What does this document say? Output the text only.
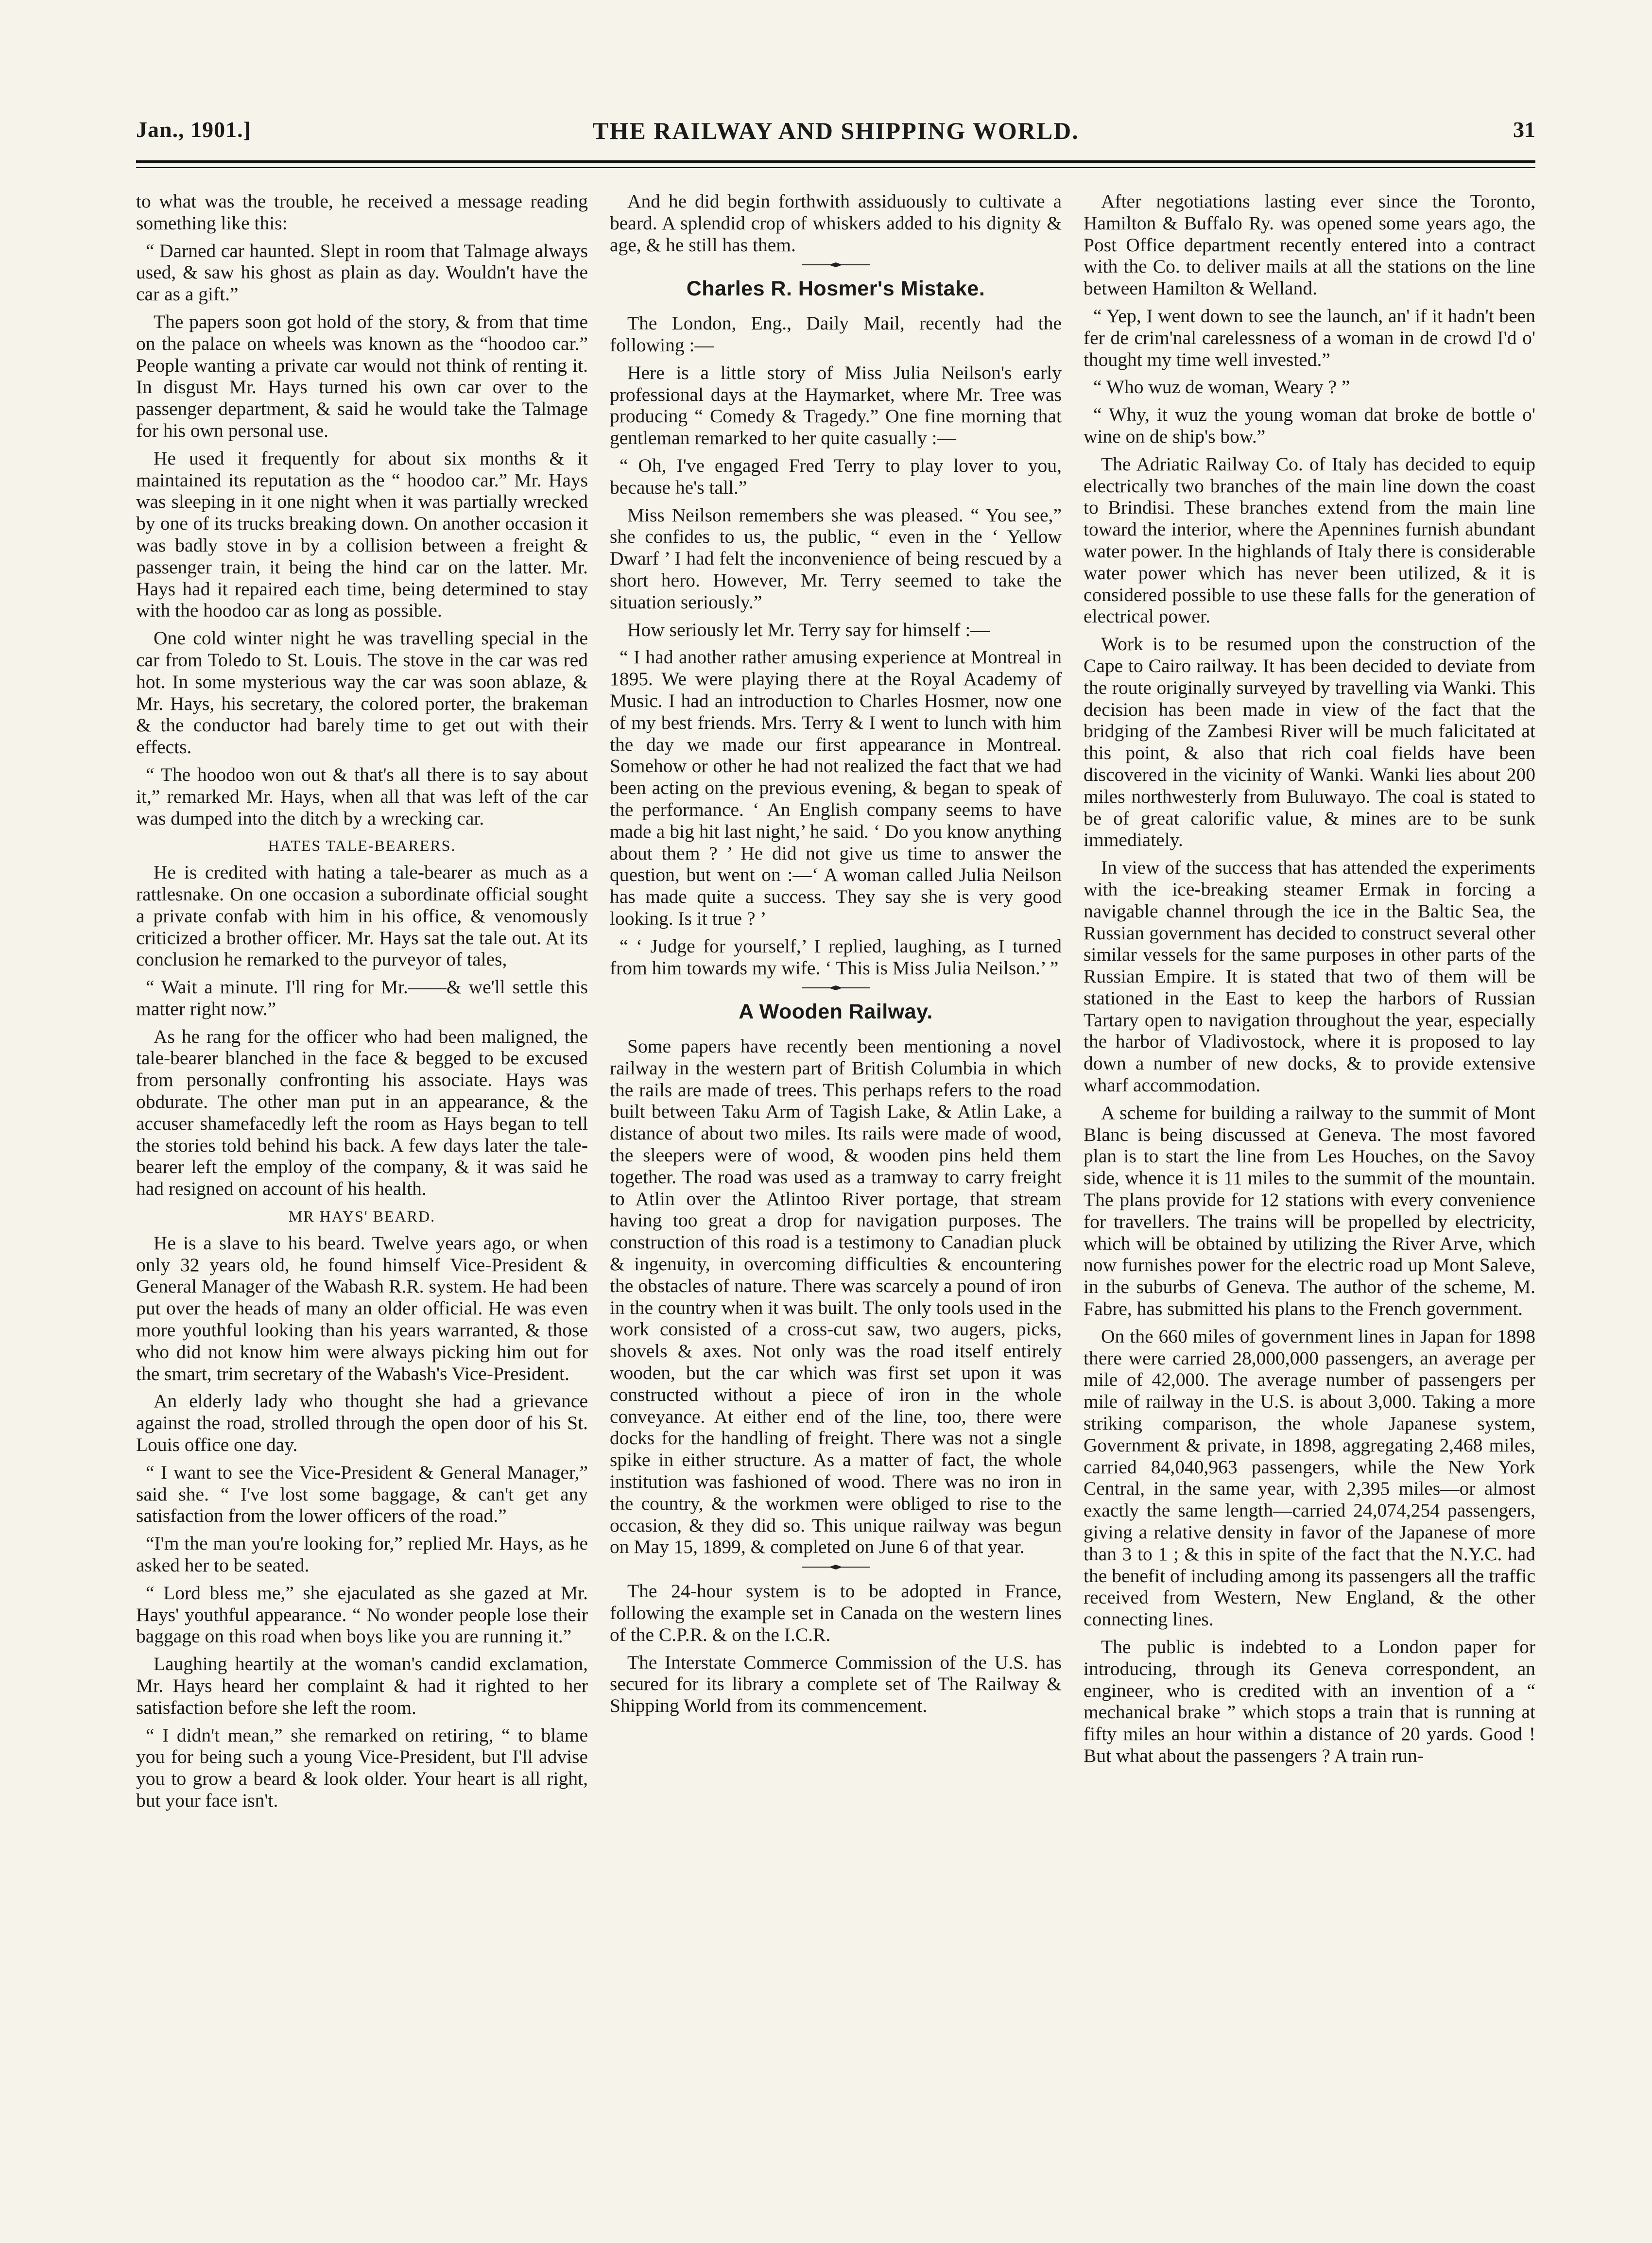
Jan., 1901.]	THE RAILWAY AND SHIPPING WORLD.	31

to what was the trouble, he received a message reading something like this:

“ Darned car haunted. Slept in room that Talmage always used, & saw his ghost as plain as day. Wouldn't have the car as a gift.”

The papers soon got hold of the story, & from that time on the palace on wheels was known as the “hoodoo car.” People wanting a private car would not think of renting it. In disgust Mr. Hays turned his own car over to the passenger department, & said he would take the Talmage for his own personal use.

He used it frequently for about six months & it maintained its reputation as the “ hoodoo car.” Mr. Hays was sleeping in it one night when it was partially wrecked by one of its trucks breaking down. On another occasion it was badly stove in by a collision between a freight & passenger train, it being the hind car on the latter. Mr. Hays had it repaired each time, being determined to stay with the hoodoo car as long as possible.

One cold winter night he was travelling special in the car from Toledo to St. Louis. The stove in the car was red hot. In some mysterious way the car was soon ablaze, & Mr. Hays, his secretary, the colored porter, the brakeman & the conductor had barely time to get out with their effects.

“ The hoodoo won out & that's all there is to say about it,” remarked Mr. Hays, when all that was left of the car was dumped into the ditch by a wrecking car.

HATES TALE-BEARERS.

He is credited with hating a tale-bearer as much as a rattlesnake. On one occasion a subordinate official sought a private confab with him in his office, & venomously criticized a brother officer. Mr. Hays sat the tale out. At its conclusion he remarked to the purveyor of tales,

“ Wait a minute. I'll ring for Mr.——& we'll settle this matter right now.”

As he rang for the officer who had been maligned, the tale-bearer blanched in the face & begged to be excused from personally confronting his associate. Hays was obdurate. The other man put in an appearance, & the accuser shamefacedly left the room as Hays began to tell the stories told behind his back. A few days later the tale-bearer left the employ of the company, & it was said he had resigned on account of his health.

MR HAYS' BEARD.

He is a slave to his beard. Twelve years ago, or when only 32 years old, he found himself Vice-President & General Manager of the Wabash R.R. system. He had been put over the heads of many an older official. He was even more youthful looking than his years warranted, & those who did not know him were always picking him out for the smart, trim secretary of the Wabash's Vice-President.

An elderly lady who thought she had a grievance against the road, strolled through the open door of his St. Louis office one day.

“ I want to see the Vice-President & General Manager,” said she. “ I've lost some baggage, & can't get any satisfaction from the lower officers of the road.”

“I'm the man you're looking for,” replied Mr. Hays, as he asked her to be seated.

“ Lord bless me,” she ejaculated as she gazed at Mr. Hays' youthful appearance. “ No wonder people lose their baggage on this road when boys like you are running it.”

Laughing heartily at the woman's candid exclamation, Mr. Hays heard her complaint & had it righted to her satisfaction before she left the room.

“ I didn't mean,” she remarked on retiring, “ to blame you for being such a young Vice-President, but I'll advise you to grow a beard & look older. Your heart is all right, but your face isn't.

And he did begin forthwith assiduously to cultivate a beard. A splendid crop of whiskers added to his dignity & age, & he still has them.

Charles R. Hosmer's Mistake.

The London, Eng., Daily Mail, recently had the following :—

Here is a little story of Miss Julia Neilson's early professional days at the Haymarket, where Mr. Tree was producing “ Comedy & Tragedy.” One fine morning that gentleman remarked to her quite casually :—

“ Oh, I've engaged Fred Terry to play lover to you, because he's tall.”

Miss Neilson remembers she was pleased. “ You see,” she confides to us, the public, “ even in the ‘ Yellow Dwarf ’ I had felt the inconvenience of being rescued by a short hero. However, Mr. Terry seemed to take the situation seriously.”

How seriously let Mr. Terry say for himself :—

“ I had another rather amusing experience at Montreal in 1895. We were playing there at the Royal Academy of Music. I had an introduction to Charles Hosmer, now one of my best friends. Mrs. Terry & I went to lunch with him the day we made our first appearance in Montreal. Somehow or other he had not realized the fact that we had been acting on the previous evening, & began to speak of the performance. ‘ An English company seems to have made a big hit last night,’ he said. ‘ Do you know anything about them ? ’ He did not give us time to answer the question, but went on :—‘ A woman called Julia Neilson has made quite a success. They say she is very good looking. Is it true ? ’

“ ‘ Judge for yourself,’ I replied, laughing, as I turned from him towards my wife. ‘ This is Miss Julia Neilson.’ ”

A Wooden Railway.

Some papers have recently been mentioning a novel railway in the western part of British Columbia in which the rails are made of trees. This perhaps refers to the road built between Taku Arm of Tagish Lake, & Atlin Lake, a distance of about two miles. Its rails were made of wood, the sleepers were of wood, & wooden pins held them together. The road was used as a tramway to carry freight to Atlin over the Atlintoo River portage, that stream having too great a drop for navigation purposes. The construction of this road is a testimony to Canadian pluck & ingenuity, in overcoming difficulties & encountering the obstacles of nature. There was scarcely a pound of iron in the country when it was built. The only tools used in the work consisted of a cross-cut saw, two augers, picks, shovels & axes. Not only was the road itself entirely wooden, but the car which was first set upon it was constructed without a piece of iron in the whole conveyance. At either end of the line, too, there were docks for the handling of freight. There was not a single spike in either structure. As a matter of fact, the whole institution was fashioned of wood. There was no iron in the country, & the workmen were obliged to rise to the occasion, & they did so. This unique railway was begun on May 15, 1899, & completed on June 6 of that year.

The 24-hour system is to be adopted in France, following the example set in Canada on the western lines of the C.P.R. & on the I.C.R.

The Interstate Commerce Commission of the U.S. has secured for its library a complete set of The Railway & Shipping World from its commencement.

After negotiations lasting ever since the Toronto, Hamilton & Buffalo Ry. was opened some years ago, the Post Office department recently entered into a contract with the Co. to deliver mails at all the stations on the line between Hamilton & Welland.

“ Yep, I went down to see the launch, an' if it hadn't been fer de crim'nal carelessness of a woman in de crowd I'd o' thought my time well invested.”

“ Who wuz de woman, Weary ? ”

“ Why, it wuz the young woman dat broke de bottle o' wine on de ship's bow.”

The Adriatic Railway Co. of Italy has decided to equip electrically two branches of the main line down the coast to Brindisi. These branches extend from the main line toward the interior, where the Apennines furnish abundant water power. In the highlands of Italy there is considerable water power which has never been utilized, & it is considered possible to use these falls for the generation of electrical power.

Work is to be resumed upon the construction of the Cape to Cairo railway. It has been decided to deviate from the route originally surveyed by travelling via Wanki. This decision has been made in view of the fact that the bridging of the Zambesi River will be much falicitated at this point, & also that rich coal fields have been discovered in the vicinity of Wanki. Wanki lies about 200 miles northwesterly from Buluwayo. The coal is stated to be of great calorific value, & mines are to be sunk immediately.

In view of the success that has attended the experiments with the ice-breaking steamer Ermak in forcing a navigable channel through the ice in the Baltic Sea, the Russian government has decided to construct several other similar vessels for the same purposes in other parts of the Russian Empire. It is stated that two of them will be stationed in the East to keep the harbors of Russian Tartary open to navigation throughout the year, especially the harbor of Vladivostock, where it is proposed to lay down a number of new docks, & to provide extensive wharf accommodation.

A scheme for building a railway to the summit of Mont Blanc is being discussed at Geneva. The most favored plan is to start the line from Les Houches, on the Savoy side, whence it is 11 miles to the summit of the mountain. The plans provide for 12 stations with every convenience for travellers. The trains will be propelled by electricity, which will be obtained by utilizing the River Arve, which now furnishes power for the electric road up Mont Saleve, in the suburbs of Geneva. The author of the scheme, M. Fabre, has submitted his plans to the French government.

On the 660 miles of government lines in Japan for 1898 there were carried 28,000,000 passengers, an average per mile of 42,000. The average number of passengers per mile of railway in the U.S. is about 3,000. Taking a more striking comparison, the whole Japanese system, Government & private, in 1898, aggregating 2,468 miles, carried 84,040,963 passengers, while the New York Central, in the same year, with 2,395 miles—or almost exactly the same length—carried 24,074,254 passengers, giving a relative density in favor of the Japanese of more than 3 to 1 ; & this in spite of the fact that the N.Y.C. had the benefit of including among its passengers all the traffic received from Western, New England, & the other connecting lines.

The public is indebted to a London paper for introducing, through its Geneva correspondent, an engineer, who is credited with an invention of a “ mechanical brake ” which stops a train that is running at fifty miles an hour within a distance of 20 yards. Good ! But what about the passengers ? A train run-
